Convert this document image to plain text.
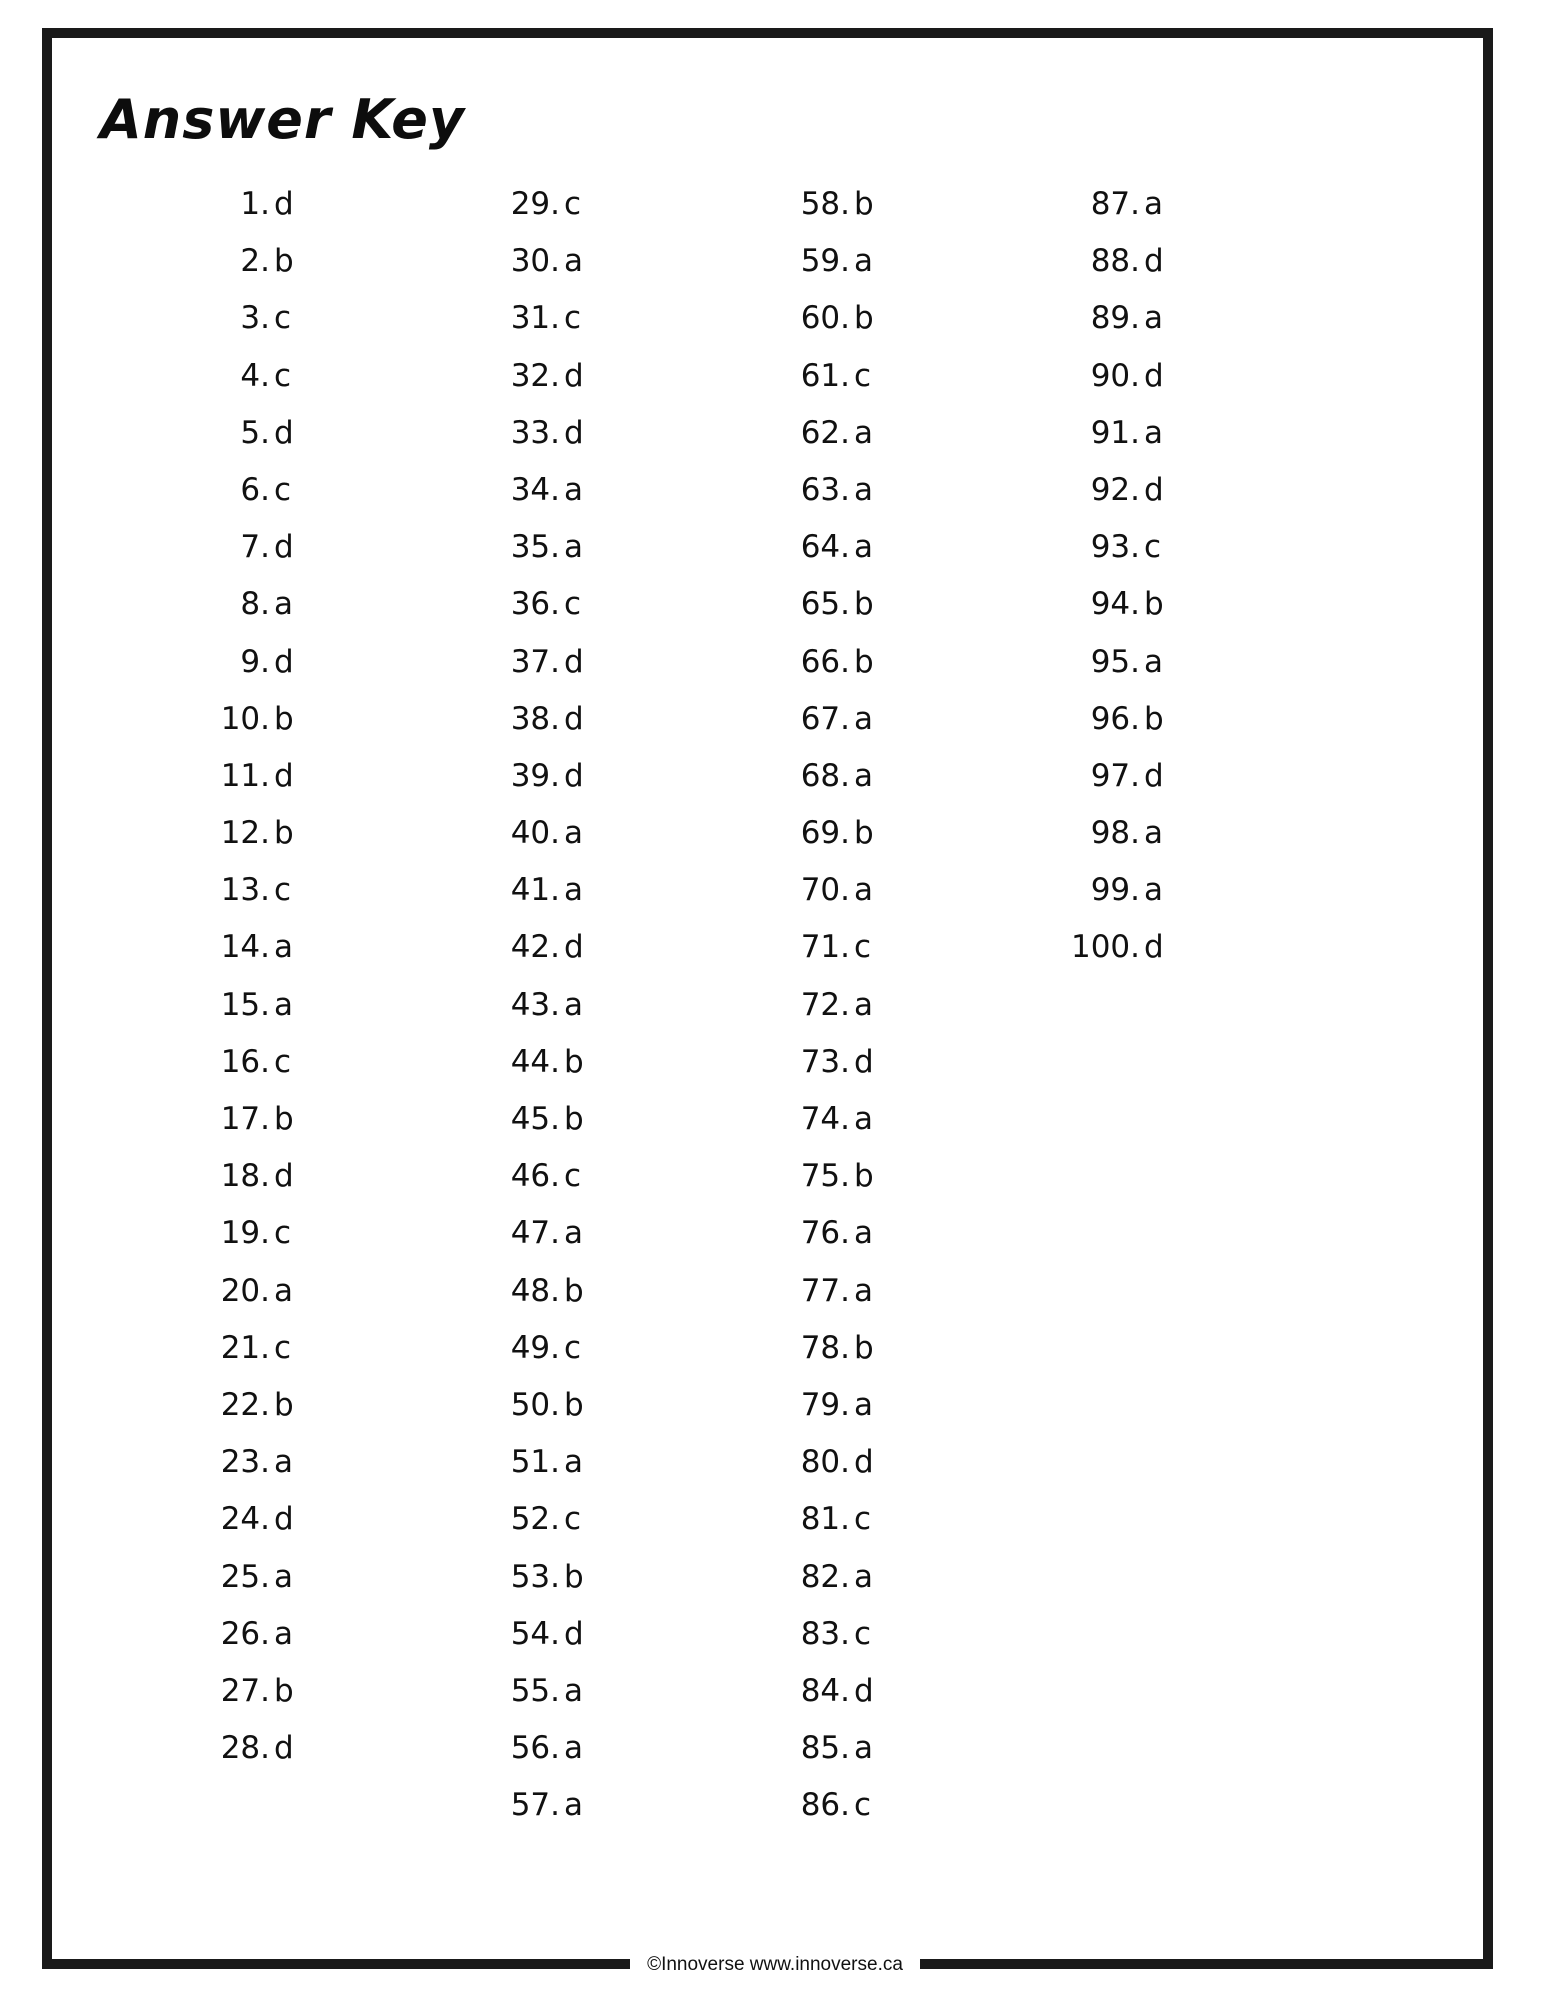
Answer Key
1. d
2. b
3. c
4. c
5. d
6. c
7. d
8. a
9. d
10. b
11. d
12. b
13. c
14. a
15. a
16. c
17. b
18. d
19. c
20. a
21. c
22. b
23. a
24. d
25. a
26. a
27. b
28. d
29. c
30. a
31. c
32. d
33. d
34. a
35. a
36. c
37. d
38. d
39. d
40. a
41. a
42. d
43. a
44. b
45. b
46. c
47. a
48. b
49. c
50. b
51. a
52. c
53. b
54. d
55. a
56. a
57. a
58. b
59. a
60. b
61. c
62. a
63. a
64. a
65. b
66. b
67. a
68. a
69. b
70. a
71. c
72. a
73. d
74. a
75. b
76. a
77. a
78. b
79. a
80. d
81. c
82. a
83. c
84. d
85. a
86. c
87. a
88. d
89. a
90. d
91. a
92. d
93. c
94. b
95. a
96. b
97. d
98. a
99. a
100. d
©Innoverse www.innoverse.ca
